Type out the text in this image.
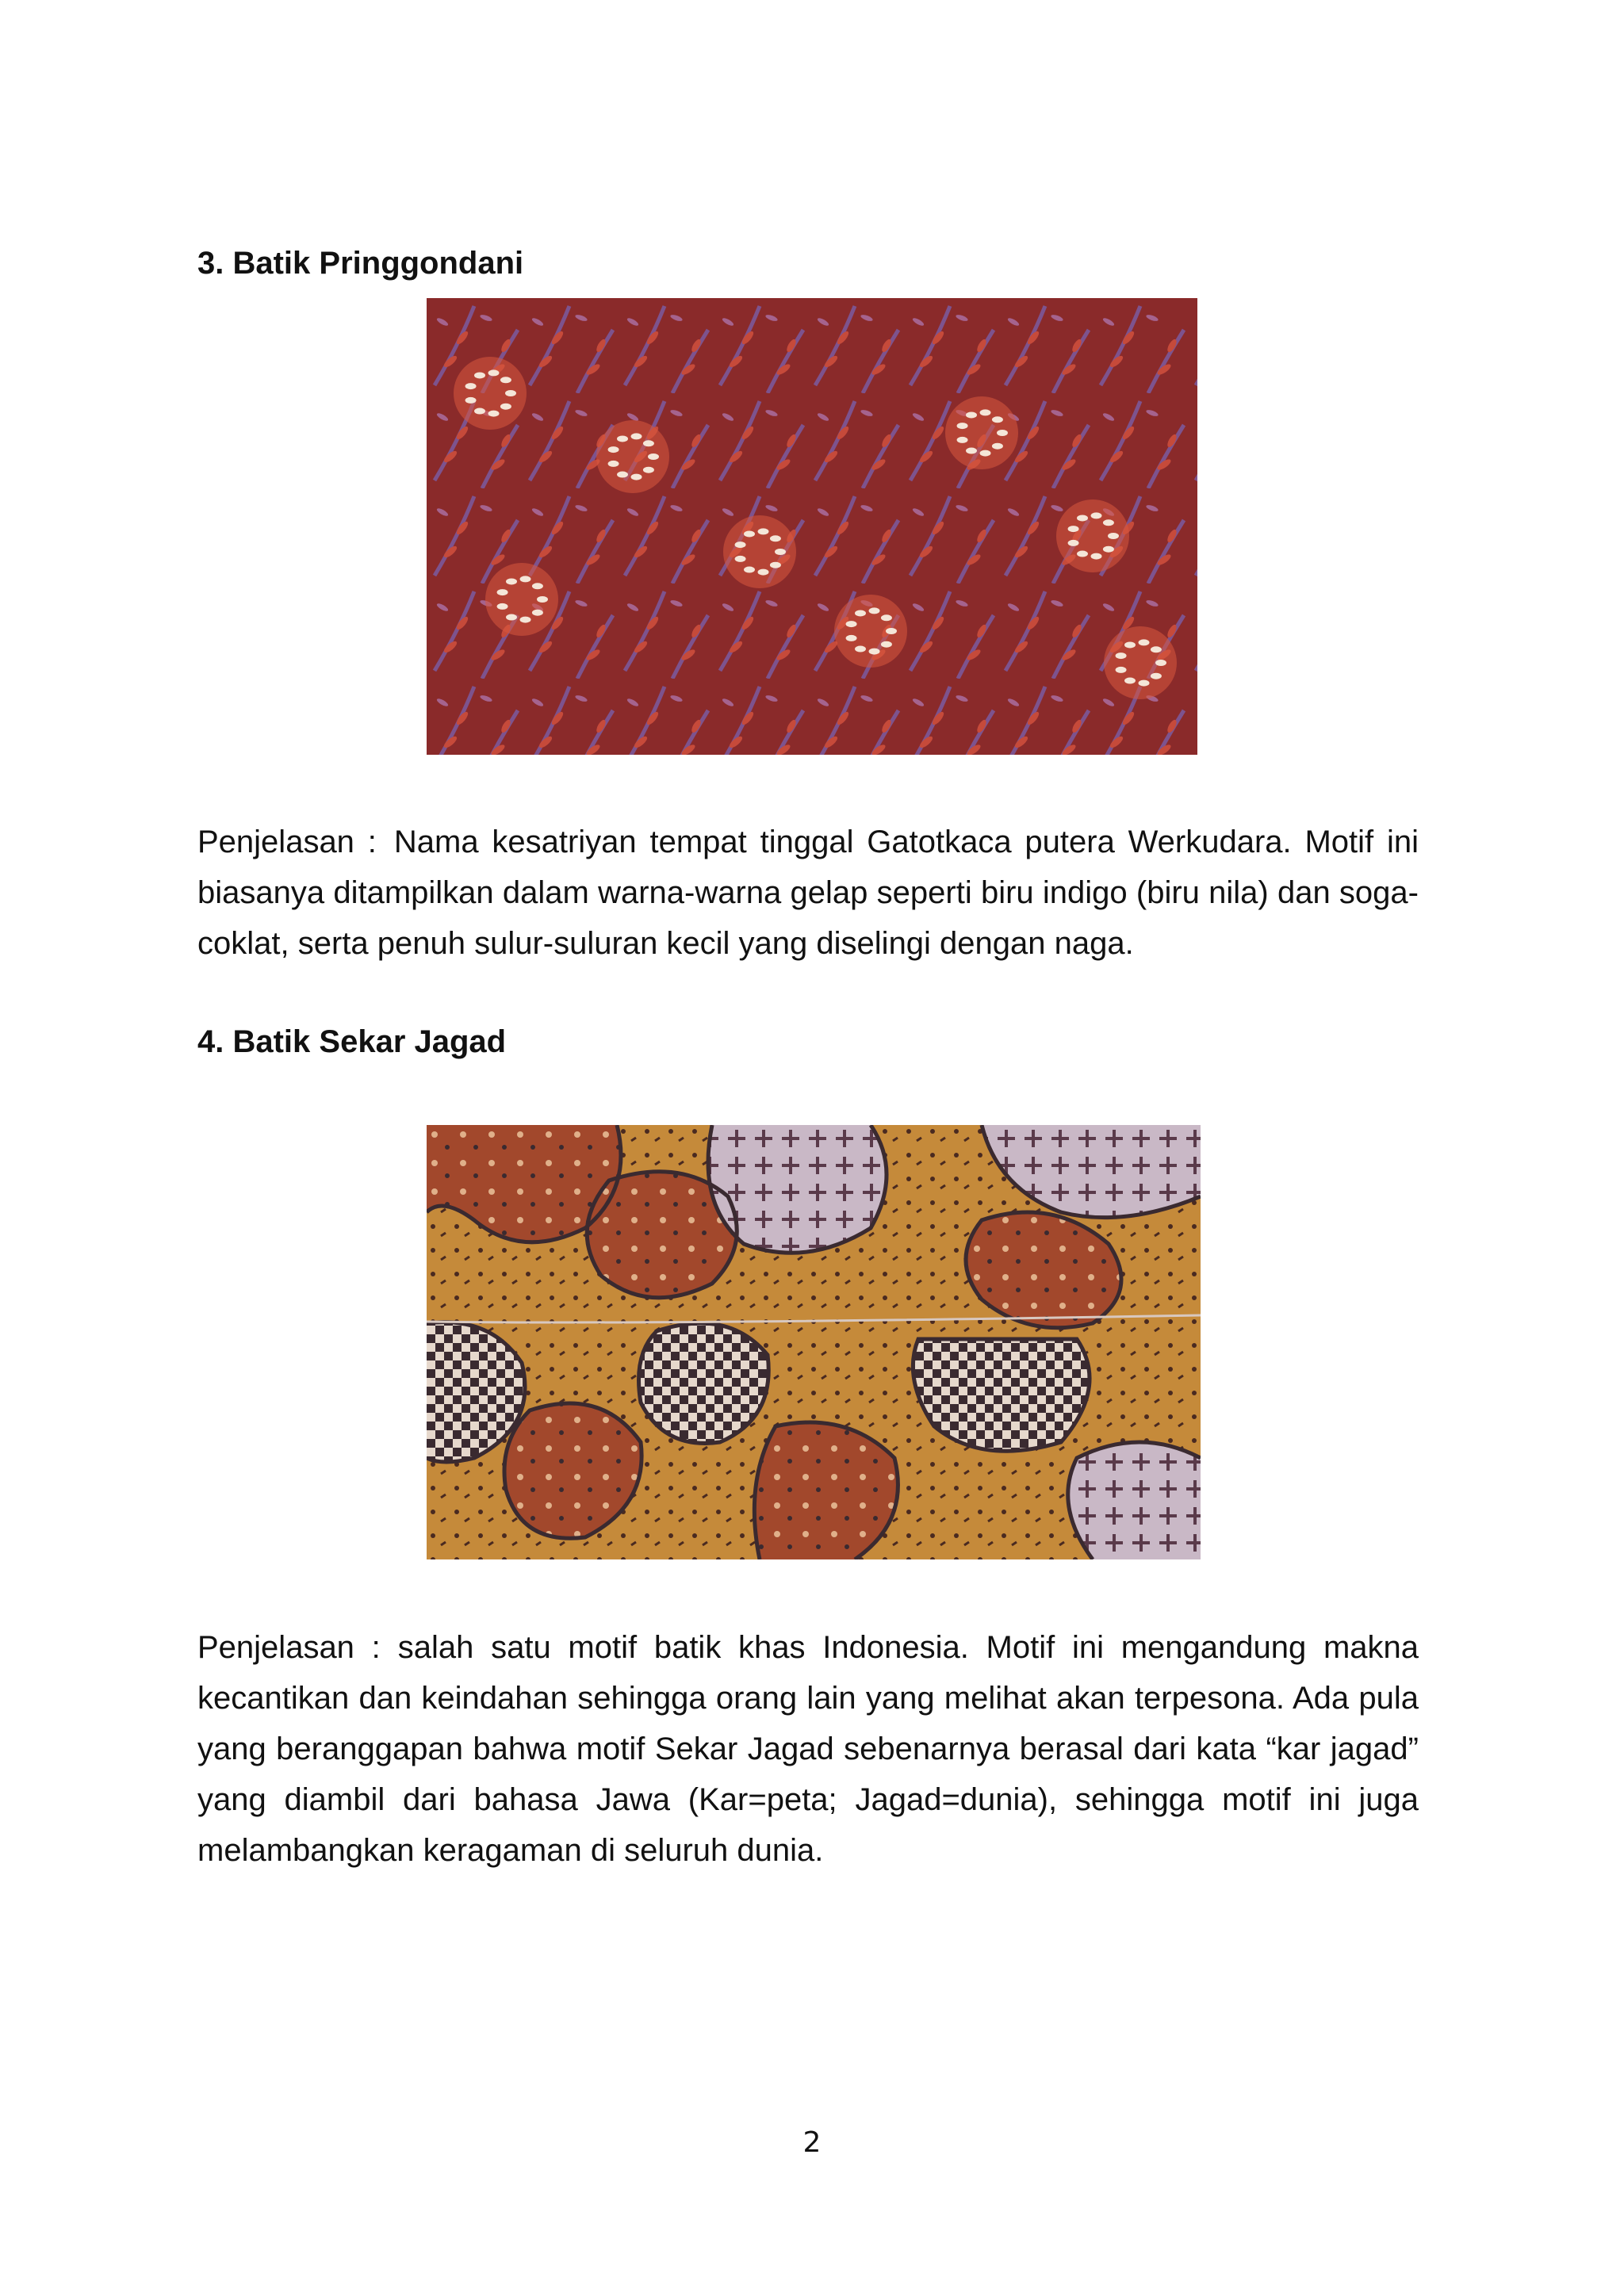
3. Batik Pringgondani

Penjelasan : Nama kesatriyan tempat tinggal Gatotkaca putera Werkudara. Motif ini biasanya ditampilkan dalam warna-warna gelap seperti biru indigo (biru nila) dan soga-coklat, serta penuh sulur-suluran kecil yang diselingi dengan naga.

4. Batik Sekar Jagad

Penjelasan : salah satu motif batik khas Indonesia. Motif ini mengandung makna kecantikan dan keindahan sehingga orang lain yang melihat akan terpesona. Ada pula yang beranggapan bahwa motif Sekar Jagad sebenarnya berasal dari kata “kar jagad” yang diambil dari bahasa Jawa (Kar=peta; Jagad=dunia), sehingga motif ini juga melambangkan keragaman di seluruh dunia.

2
